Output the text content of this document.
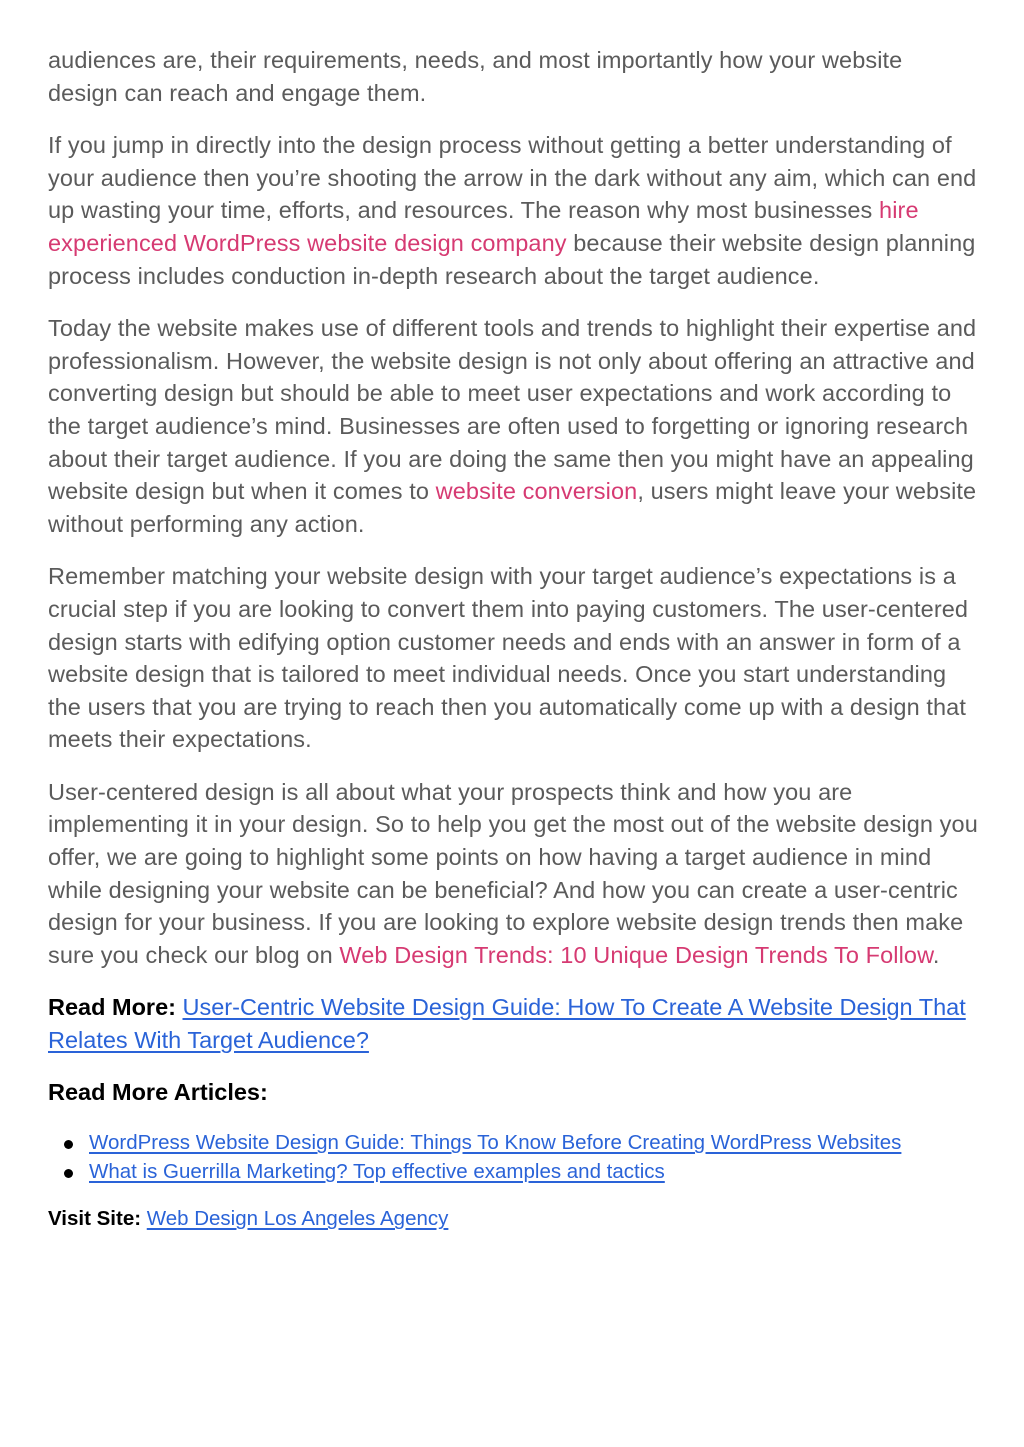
audiences are, their requirements, needs, and most importantly how your website design can reach and engage them.

If you jump in directly into the design process without getting a better understanding of your audience then you’re shooting the arrow in the dark without any aim, which can end up wasting your time, efforts, and resources. The reason why most businesses hire experienced WordPress website design company because their website design planning process includes conduction in-depth research about the target audience.

Today the website makes use of different tools and trends to highlight their expertise and professionalism. However, the website design is not only about offering an attractive and converting design but should be able to meet user expectations and work according to the target audience’s mind. Businesses are often used to forgetting or ignoring research about their target audience. If you are doing the same then you might have an appealing website design but when it comes to website conversion, users might leave your website without performing any action.

Remember matching your website design with your target audience’s expectations is a crucial step if you are looking to convert them into paying customers. The user-centered design starts with edifying option customer needs and ends with an answer in form of a website design that is tailored to meet individual needs. Once you start understanding the users that you are trying to reach then you automatically come up with a design that meets their expectations.

User-centered design is all about what your prospects think and how you are implementing it in your design. So to help you get the most out of the website design you offer, we are going to highlight some points on how having a target audience in mind while designing your website can be beneficial? And how you can create a user-centric design for your business. If you are looking to explore website design trends then make sure you check our blog on Web Design Trends: 10 Unique Design Trends To Follow.

Read More: User-Centric Website Design Guide: How To Create A Website Design That Relates With Target Audience?

Read More Articles:
WordPress Website Design Guide: Things To Know Before Creating WordPress Websites
What is Guerrilla Marketing? Top effective examples and tactics

Visit Site: Web Design Los Angeles Agency
